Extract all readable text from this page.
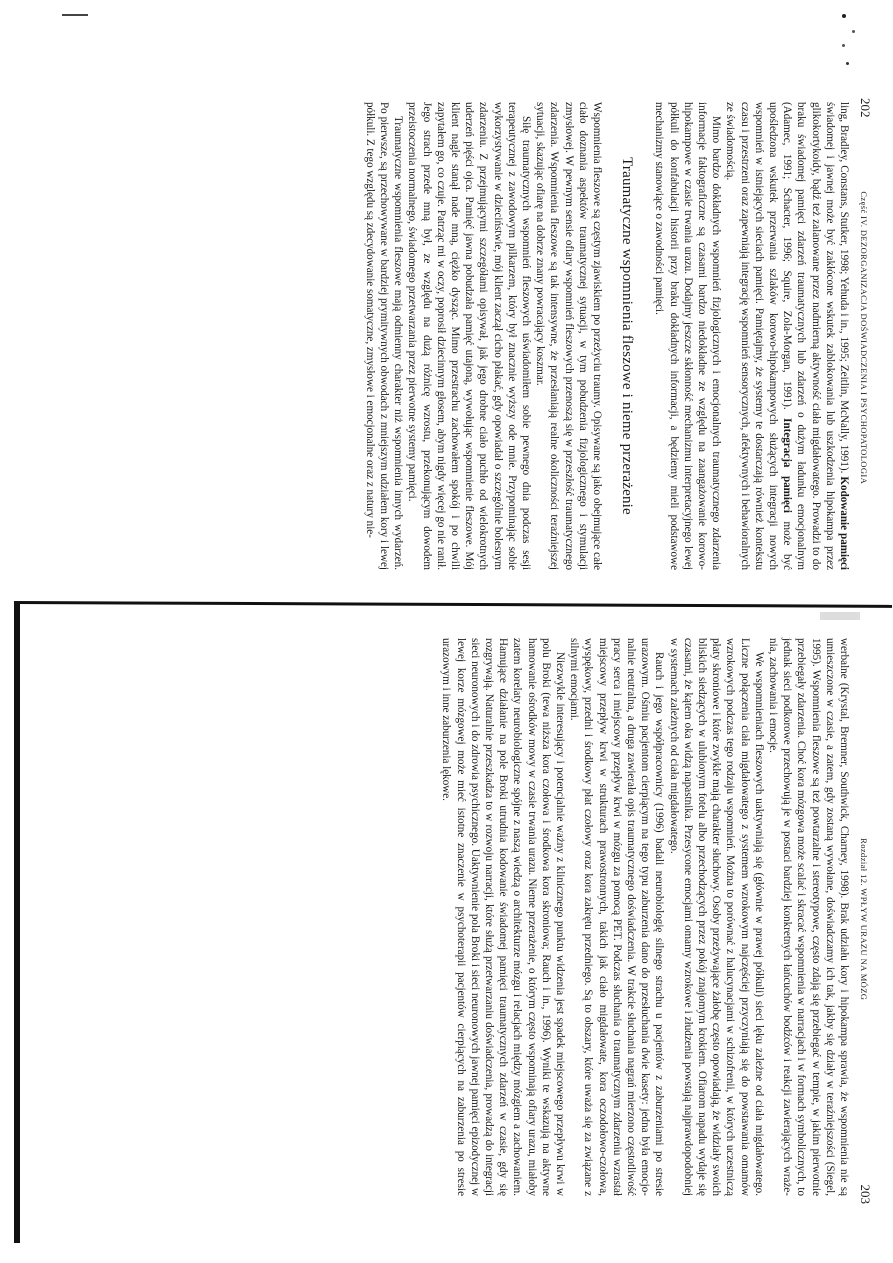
202
Część IV. DEZORGANIZACJA DOŚWIADCZENIA I PSYCHOPATOLOGIA

ling, Bradley, Constans, Stutker, 1998; Yehuda i in., 1995; Zeitlin, McNally, 1991). Kodowanie pamięci świadomej i jawnej może być zakłócone wskutek zablokowania lub uszkodzenia hipokampa przez glikokortykoidy, bądź też zalanowane przez nadmierną aktywność ciała migdałowatego. Prowadzi to do braku świadomej pamięci zdarzeń traumatycznych lub zdarzeń o dużym ładunku emocjonalnym (Adamec, 1991; Schacter, 1996; Squire, Zola-Morgan, 1991). Integracja pamięci może być upośledzona wskutek przerwania szlaków korowo-hipokampowych służących integracji nowych wspomnień w istniejących sieciach pamięci. Pamiętajmy, że systemy te dostarczają również kontekstu czasu i przestrzeni oraz zapewniają integrację wspomnień sensorycznych, afektywnych i behawioralnych ze świadomością.

Mimo bardzo dokładnych wspomnień fizjologicznych i emocjonalnych traumatycznego zdarzenia informacje faktograficzne są czasami bardzo niedokładne ze względu na zaangażowanie korowo-hipokampowe w czasie trwania urazu. Dodajmy jeszcze skłonność mechanizmu interpretacyjnego lewej półkuli do konfabulacji historii przy braku dokładnych informacji, a będziemy mieli podstawowe mechanizmy stanowiące o zawodności pamięci.

Traumatyczne wspomnienia fleszowe i nieme przerażenie

Wspomnienia fleszowe są częstym zjawiskiem po przeżyciu traumy. Opisywane są jako obejmujące całe ciało doznania aspektów traumatycznej sytuacji, w tym pobudzenia fizjologicznego i stymulacji zmysłowej. W pewnym sensie ofiary wspomnień fleszowych przenoszą się w przeszłość traumatycznego zdarzenia. Wspomnienia fleszowe są tak intensywne, że przesłaniają realne okoliczności teraźniejszej sytuacji, skazując ofiarę na dobrze znany powracający koszmar.

Siłę traumatycznych wspomnień fleszowych uświadomiłem sobie pewnego dnia podczas sesji terapeutycznej z zawodowym pilkarzem, który był znacznie wyższy ode mnie. Przypominając sobie wykorzystywanie w dzieciństwie, mój klient zaczął cicho płakać, gdy opowiadał o szczególnie bolesnym zdarzeniu. Z przejmującymi szczegółami opisywał, jak jego drobne ciało puchło od wielokrotnych uderzeń pięści ojca. Pamięć jawna pobudzała pamięć utajoną, wywołując wspomnienie fleszowe. Mój klient nagle stanął nade mną, ciężko dysząc. Mimo przestrachu zachowałem spokój i po chwili zapytałem go, co czuje. Patrząc mi w oczy, poprosił dziecinnym głosem, abym nigdy więcej go nie ranił. Jego strach przede mną był, ze względu na dużą różnicę wzrostu, przekonującym dowodem przeistoczenia normalnego, świadomego przetwarzania przez pierwotne systemy pamięci.

Traumatyczne wspomnienia fleszowe mają odmienny charakter niż wspomnienia innych wydarzeń. Po pierwsze, są przechowywane w bardziej prymitywnych obwodach z mniejszym udziałem kory i lewej półkuli. Z tego względu są zdecydowanie somatyczne, zmysłowe i emocjonalne oraz z natury nie-

Rozdział 12. WPŁYW URAZU NA MÓZG
203

werbalne (Krystal, Bremner, Southwick, Charney, 1998). Brak udziału kory i hipokampa sprawia, że wspomnienia nie są umieszczone w czasie, a zatem, gdy zostaną wywołane, doświadczamy ich tak, jakby się działy w teraźniejszości (Siegel, 1995). Wspomnienia fleszowe są też powtarzalne i stereotypowe, często zdają się przebiegać w tempie, w jakim pierwotnie przebiegały zdarzenia. Choć kora mózgowa może scalać i skracać wspomnienia w narracjach i w formach symbolicznych, to jednak sieci podkorowe przechowują je w postaci bardziej konkretnych łańcuchów bodźców i reakcji zawierających wrażenia, zachowania i emocje.

We wspomnieniach fleszowych uaktywniają się (głównie w prawej półkuli) sieci lęku zależne od ciała migdałowatego. Liczne połączenia ciała migdałowatego z systemem wzrokowym najczęściej przyczyniają się do powstawania omamów wzrokowych podczas tego rodzaju wspomnień. Można to porównać z halucynacjami w schizofrenii, w których uczestniczą płaty skroniowe i które zwykle mają charakter słuchowy. Osoby przeżywające żałobę często opowiadają, że widziały swoich bliskich siedzących w ulubionym fotelu albo przechodzących przez pokój znajomym krokiem. Ofiarom napadu wydaje się czasami, że kątem oka widzą napastnika. Przesycone emocjami omamy wzrokowe i złudzenia powstają najprawdopodobniej w systemach zależnych od ciała migdałowatego.

Rauch i jego współpracownicy (1996) badali neurobiologię silnego strachu u pacjentów z zaburzeniami po stresie urazowym. Ośmiu pacjentom cierpiącym na tego typu zaburzenia dano do przesłuchania dwie kasety: jedna była emocjonalnie neutralna, a druga zawierała opis traumatycznego doświadczenia. W trakcie słuchania nagrań mierzono częstotliwość pracy serca i miejscowy przepływ krwi w mózgu za pomocą PET. Podczas słuchania o traumatycznym zdarzeniu wzrastał miejscowy przepływ krwi w strukturach prawostronnych, takich jak ciało migdałowate, kora oczodołowo-czołowa, wyspękowy, przedni i środkowy płat czołowy oraz kora zakrętu przedniego. Są to obszary, które uważa się za związane z silnymi emocjami.

Niezwykle interesujący i potencjalnie ważny z klinicznego punktu widzenia jest spadek miejscowego przepływu krwi w polu Broki (tewa niższa kora czołowa i środkowa kora skroniowa; Rauch i in., 1996). Wyniki te wskazują na aktywne hamowanie ośrodków mowy w czasie trwania urazu. Nieme przerażenie, o którym często wspominają ofiary urazu, miałoby zatem korelaty neurobiologiczne spójne z naszą wiedzą o architekturze mózgu i relacjach między mózgiem a zachowaniem. Hamujące działanie na pole Broki utrudnia kodowanie świadomej pamięci traumatycznych zdarzeń w czasie, gdy się rozgrywają. Naturalnie przeszkadza to w rozwoju narracji, które służą przetwarzaniu doświadczenia, prowadzą do integracji sieci neuronowych i do zdrowia psychicznego. Uaktywnienie pola Broki i sieci neuronowych jawnej pamięci epizodycznej w lewej korze mózgowej może mieć istotne znaczenie w psychoterapii pacjentów cierpiących na zaburzenia po stresie urazowym i inne zaburzenia lękowe.
